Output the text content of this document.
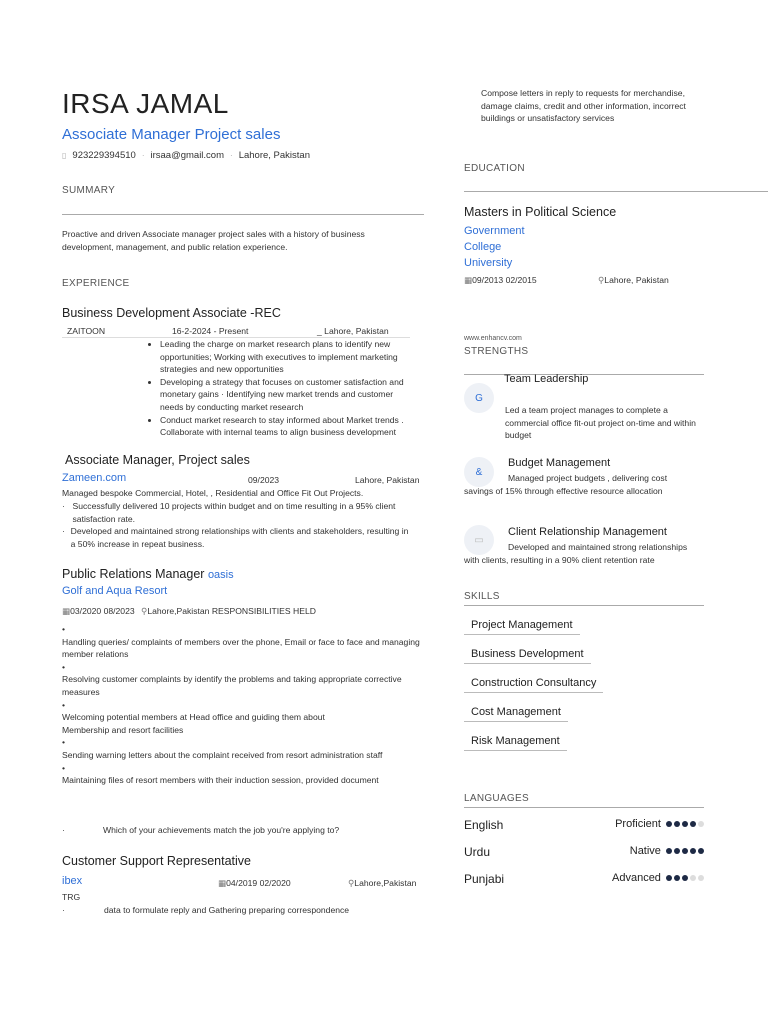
IRSA JAMAL
Associate Manager Project sales
▯ 923229394510 · irsaa@gmail.com · Lahore, Pakistan
SUMMARY
Proactive and driven Associate manager project sales with a history of business development, management, and public relation experience.
EXPERIENCE
Business Development Associate -REC
ZAITOON	16-2-2024 - Present	_ Lahore, Pakistan
• Leading the charge on market research plans to identify new opportunities; Working with executives to implement marketing strategies and new opportunities
• Developing a strategy that focuses on customer satisfaction and monetary gains · Identifying new market trends and customer needs by conducting market research
• Conduct market research to stay informed about Market trends . Collaborate with internal teams to align business development
Associate Manager, Project sales
Zameen.com	09/2023	Lahore, Pakistan
Managed bespoke Commercial, Hotel, , Residential and Office Fit Out Projects.
· Successfully delivered 10 projects within budget and on time resulting in a 95% client satisfaction rate.
· Developed and maintained strong relationships with clients and stakeholders, resulting in a 50% increase in repeat business.
Public Relations Manager oasis
Golf and Aqua Resort
▦03/2020 08/2023 ⚲Lahore,Pakistan RESPONSIBILITIES HELD
•
Handling queries/ complaints of members over the phone, Email or face to face and managing member relations
•
Resolving customer complaints by identify the problems and taking appropriate corrective measures
•
Welcoming potential members at Head office and guiding them about Membership and resort facilities
•
Sending warning letters about the complaint received from resort administration staff
•
Maintaining files of resort members with their induction session, provided document
·	Which of your achievements match the job you're applying to?
Customer Support Representative
ibex	▦04/2019 02/2020	⚲Lahore,Pakistan
TRG
·	data to formulate reply and Gathering preparing correspondence
Compose letters in reply to requests for merchandise, damage claims, credit and other information, incorrect buildings or unsatisfactory services
EDUCATION
Masters in Political Science
Government
College
University
▦09/2013 02/2015	⚲Lahore, Pakistan
www.enhancv.com
STRENGTHS
G
Team Leadership
Led a team project manages to complete a commercial office fit-out project on-time and within budget
&
Budget Management
Managed project budgets , delivering cost savings of 15% through effective resource allocation
▭
Client Relationship Management
Developed and maintained strong relationships with clients, resulting in a 90% client retention rate
SKILLS
Project Management
Business Development
Construction Consultancy
Cost Management
Risk Management
LANGUAGES
English	Proficient
Urdu	Native
Punjabi	Advanced
